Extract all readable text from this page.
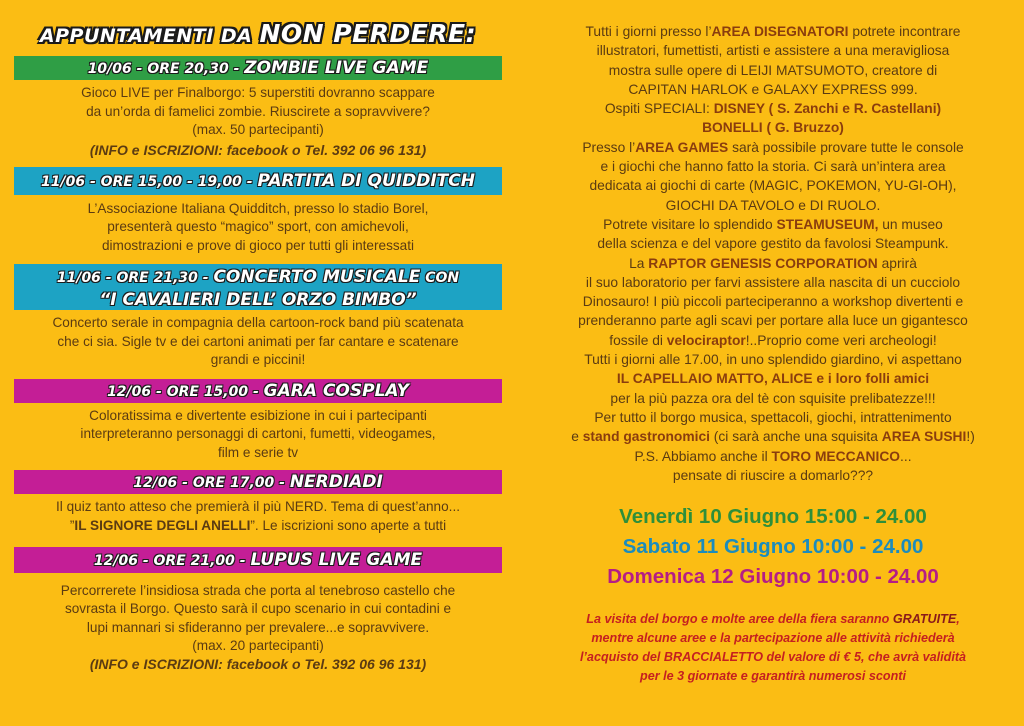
APPUNTAMENTI DA NON PERDERE:
10/06 - ORE 20,30 - ZOMBIE LIVE GAME
Gioco LIVE per Finalborgo: 5 superstiti dovranno scappare
da un’orda di famelici zombie. Riuscirete a sopravvivere?
(max. 50 partecipanti)
(INFO e ISCRIZIONI: facebook o Tel. 392 06 96 131)
11/06 - ORE 15,00 - 19,00 - PARTITA DI QUIDDITCH
L’Associazione Italiana Quidditch, presso lo stadio Borel,
presenterà questo “magico” sport, con amichevoli,
dimostrazioni e prove di gioco per tutti gli interessati
11/06 - ORE 21,30 - CONCERTO MUSICALE CON
“I CAVALIERI DELL’ ORZO BIMBO”
Concerto serale in compagnia della cartoon-rock band più scatenata
che ci sia. Sigle tv e dei cartoni animati per far cantare e scatenare
grandi e piccini!
12/06 - ORE 15,00 - GARA COSPLAY
Coloratissima e divertente esibizione in cui i partecipanti
interpreteranno personaggi di cartoni, fumetti, videogames,
film e serie tv
12/06 - ORE 17,00 - NERDIADI
Il quiz tanto atteso che premierà il più NERD. Tema di quest’anno...
”IL SIGNORE DEGLI ANELLI”. Le iscrizioni sono aperte a tutti
12/06 - ORE 21,00 - LUPUS LIVE GAME
Percorrerete l’insidiosa strada che porta al tenebroso castello che
sovrasta il Borgo. Questo sarà il cupo scenario in cui contadini e
lupi mannari si sfideranno per prevalere...e sopravvivere.
(max. 20 partecipanti)
(INFO e ISCRIZIONI: facebook o Tel. 392 06 96 131)
Tutti i giorni presso l’AREA DISEGNATORI potrete incontrare
illustratori, fumettisti, artisti e assistere a una meravigliosa
mostra sulle opere di LEIJI MATSUMOTO, creatore di
CAPITAN HARLOK e GALAXY EXPRESS 999.
Ospiti SPECIALI: DISNEY ( S. Zanchi e R. Castellani)
BONELLI ( G. Bruzzo)
Presso l’AREA GAMES sarà possibile provare tutte le console
e i giochi che hanno fatto la storia. Ci sarà un’intera area
dedicata ai giochi di carte (MAGIC, POKEMON, YU-GI-OH),
GIOCHI DA TAVOLO e DI RUOLO.
Potrete visitare lo splendido STEAMUSEUM, un museo
della scienza e del vapore gestito da favolosi Steampunk.
La RAPTOR GENESIS CORPORATION aprirà
il suo laboratorio per farvi assistere alla nascita di un cucciolo
Dinosauro! I più piccoli parteciperanno a workshop divertenti e
prenderanno parte agli scavi per portare alla luce un gigantesco
fossile di velociraptor!..Proprio come veri archeologi!
Tutti i giorni alle 17.00, in uno splendido giardino, vi aspettano
IL CAPELLAIO MATTO, ALICE e i loro folli amici
per la più pazza ora del tè con squisite prelibatezze!!!
Per tutto il borgo musica, spettacoli, giochi, intrattenimento
e stand gastronomici (ci sarà anche una squisita AREA SUSHI!)
P.S. Abbiamo anche il TORO MECCANICO...
pensate di riuscire a domarlo???
Venerdì 10 Giugno 15:00 - 24.00
Sabato 11 Giugno 10:00 - 24.00
Domenica 12 Giugno 10:00 - 24.00
La visita del borgo e molte aree della fiera saranno GRATUITE,
mentre alcune aree e la partecipazione alle attività richiederà
l’acquisto del BRACCIALETTO del valore di € 5, che avrà validità
per le 3 giornate e garantirà numerosi sconti
